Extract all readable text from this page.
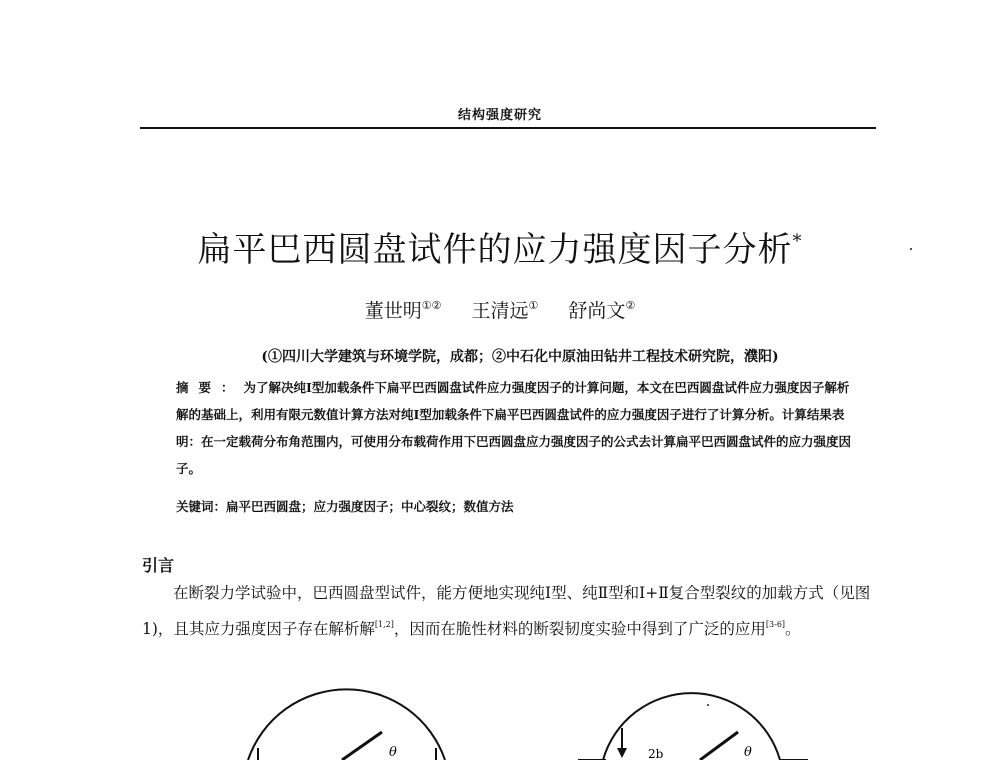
结构强度研究
扁平巴西圆盘试件的应力强度因子分析*
董世明①② 王清远① 舒尚文②
(①四川大学建筑与环境学院，成都；②中石化中原油田钻井工程技术研究院，濮阳)
摘要：为了解决纯Ⅰ型加载条件下扁平巴西圆盘试件应力强度因子的计算问题，本文在巴西圆盘试件应力强度因子解析解的基础上，利用有限元数值计算方法对纯Ⅰ型加载条件下扁平巴西圆盘试件的应力强度因子进行了计算分析。计算结果表明：在一定载荷分布角范围内，可使用分布载荷作用下巴西圆盘应力强度因子的公式去计算扁平巴西圆盘试件的应力强度因子。
关键词：扁平巴西圆盘；应力强度因子；中心裂纹；数值方法
引言
在断裂力学试验中，巴西圆盘型试件，能方便地实现纯Ⅰ型、纯Ⅱ型和Ⅰ+Ⅱ复合型裂纹的加载方式（见图 1)，且其应力强度因子存在解析解[1,2]，因而在脆性材料的断裂韧度实验中得到了广泛的应用[3-6]。
θ	2b	θ
